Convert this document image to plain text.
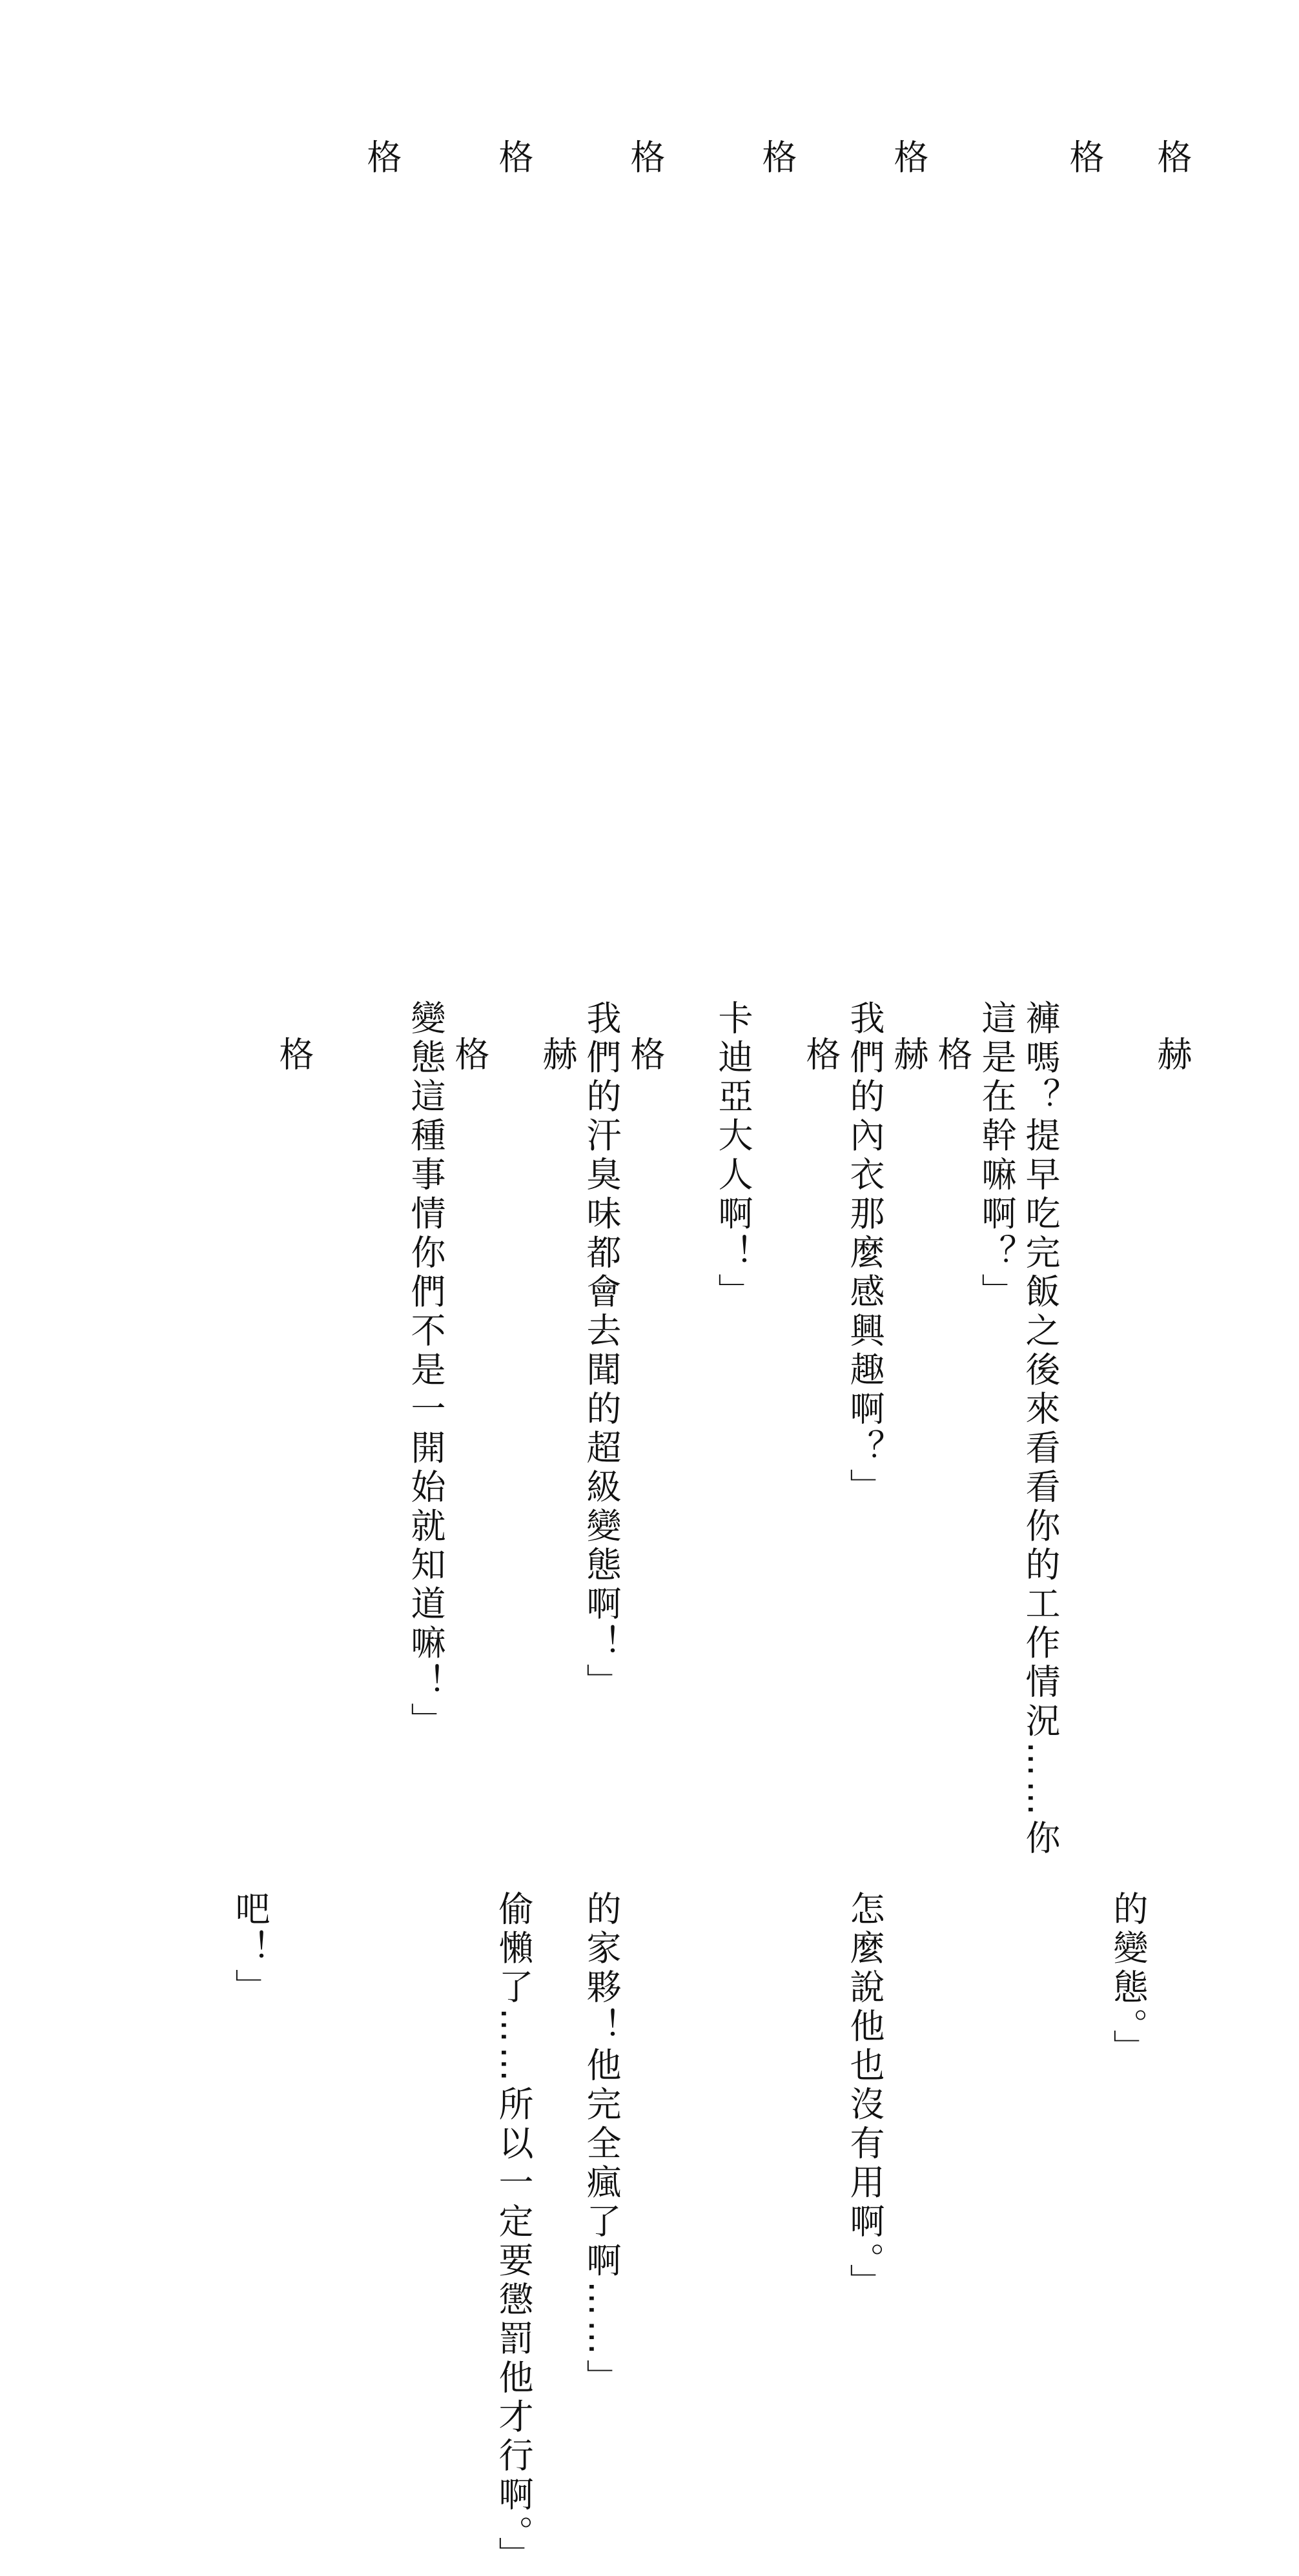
格
格
褲嗎？提早吃完飯之後來看看你的工作情況……你
這是在幹嘛啊？」
格
我們的內衣那麼感興趣啊？」
格
卡迪亞大人啊！」
格
我們的汗臭味都會去聞的超級變態啊！」
格
變態這種事情你們不是一開始就知道嘛！」
格
赫
的變態。」
格
赫
怎麼說他也沒有用啊。」
格
格
的家夥！他完全瘋了啊……」
赫
偷懶了……所以一定要懲罰他才行啊。」
格
格
吧！」
